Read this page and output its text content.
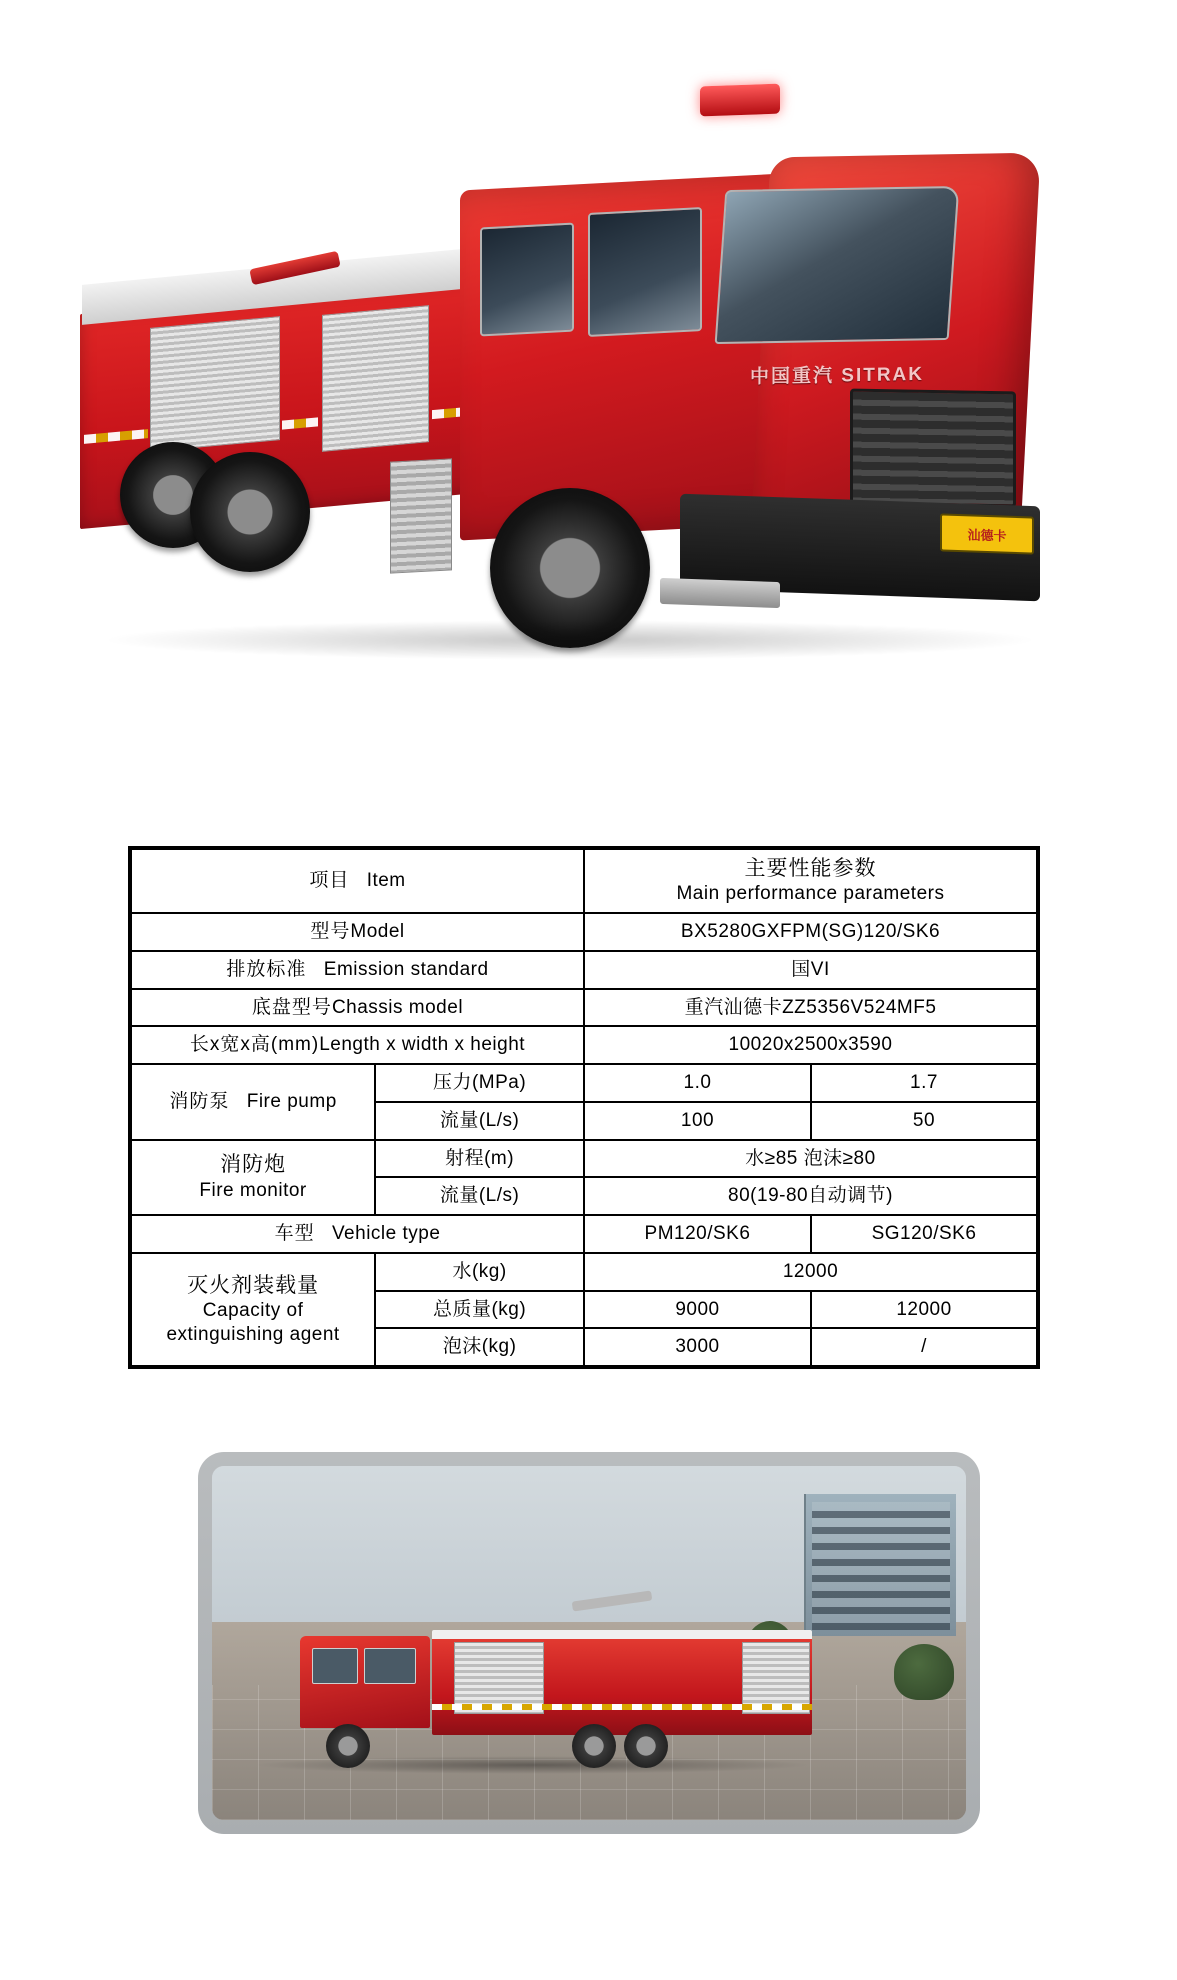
中国重汽 SITRAK
汕德卡
项目 Item		主要性能参数
Main performance parameters	

型号Model		BX5280GXFPM(SG)120/SK6	
排放标准 Emission standard		国VI	
底盘型号Chassis model		重汽汕德卡ZZ5356V524MF5	
长x宽x高(mm)Length x width x height		10020x2500x3590	
消防泵 Fire pump	压力(MPa)	1.0	1.7
	流量(L/s)	100	50

消防炮
Fire monitor	射程(m)	水≥85 泡沫≥80	
	流量(L/s)	80(19-80自动调节)	
车型 Vehicle type		PM120/SK6	SG120/SK6

灭火剂装载量
Capacity of
extinguishing agent	水(kg)	12000	
	总质量(kg)	9000	12000
	泡沫(kg)	3000	/
